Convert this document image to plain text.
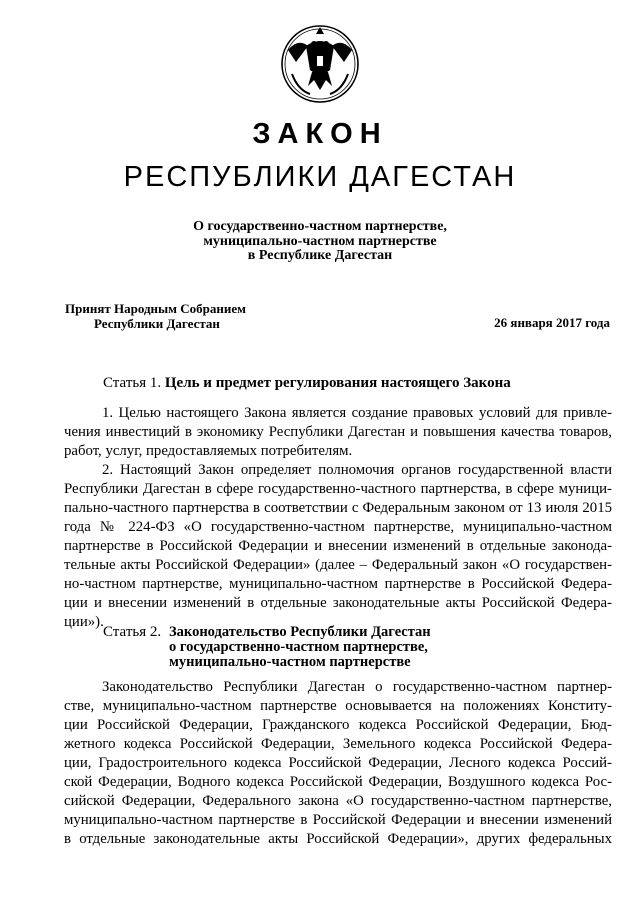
ЗАКОН
РЕСПУБЛИКИ ДАГЕСТАН
О государственно-частном партнерстве,
муниципально-частном партнерстве
в Республике Дагестан
Принят Народным Собранием
Республики Дагестан	26 января 2017 года
Статья 1. Цель и предмет регулирования настоящего Закона
1. Целью настоящего Закона является создание правовых условий для привле-
чения инвестиций в экономику Республики Дагестан и повышения качества товаров,
работ, услуг, предоставляемых потребителям.
2. Настоящий Закон определяет полномочия органов государственной власти
Республики Дагестан в сфере государственно-частного партнерства, в сфере муници-
пально-частного партнерства в соответствии с Федеральным законом от 13 июля 2015
года № 224-ФЗ «О государственно-частном партнерстве, муниципально-частном
партнерстве в Российской Федерации и внесении изменений в отдельные законода-
тельные акты Российской Федерации» (далее – Федеральный закон «О государствен-
но-частном партнерстве, муниципально-частном партнерстве в Российской Федера-
ции и внесении изменений в отдельные законодательные акты Российской Федера-
ции»).
Статья 2. Законодательство Республики Дагестан
о государственно-частном партнерстве,
муниципально-частном партнерстве
Законодательство Республики Дагестан о государственно-частном партнер-
стве, муниципально-частном партнерстве основывается на положениях Конститу-
ции Российской Федерации, Гражданского кодекса Российской Федерации, Бюд-
жетного кодекса Российской Федерации, Земельного кодекса Российской Федера-
ции, Градостроительного кодекса Российской Федерации, Лесного кодекса Россий-
ской Федерации, Водного кодекса Российской Федерации, Воздушного кодекса Рос-
сийской Федерации, Федерального закона «О государственно-частном партнерстве,
муниципально-частном партнерстве в Российской Федерации и внесении изменений
в отдельные законодательные акты Российской Федерации», других федеральных
